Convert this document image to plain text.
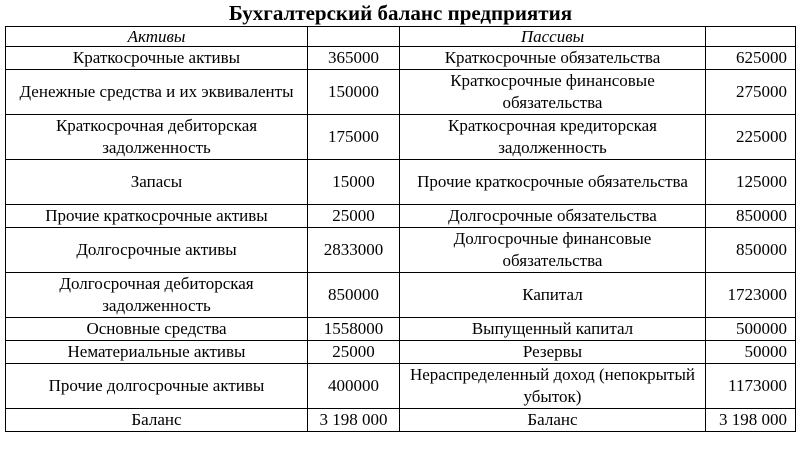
Бухгалтерский баланс предприятия
Активы		Пассивы	
Краткосрочные активы	365000	Краткосрочные обязательства	625000
Денежные средства и их эквиваленты	150000	Краткосрочные финансовые обязательства	275000
Краткосрочная дебиторская задолженность	175000	Краткосрочная кредиторская задолженность	225000
Запасы	15000	Прочие краткосрочные обязательства	125000
Прочие краткосрочные активы	25000	Долгосрочные обязательства	850000
Долгосрочные активы	2833000	Долгосрочные финансовые обязательства	850000
Долгосрочная дебиторская задолженность	850000	Капитал	1723000
Основные средства	1558000	Выпущенный капитал	500000
Нематериальные активы	25000	Резервы	50000
Прочие долгосрочные активы	400000	Нераспределенный доход (непокрытый убыток)	1173000
Баланс	3 198 000	Баланс	3 198 000
